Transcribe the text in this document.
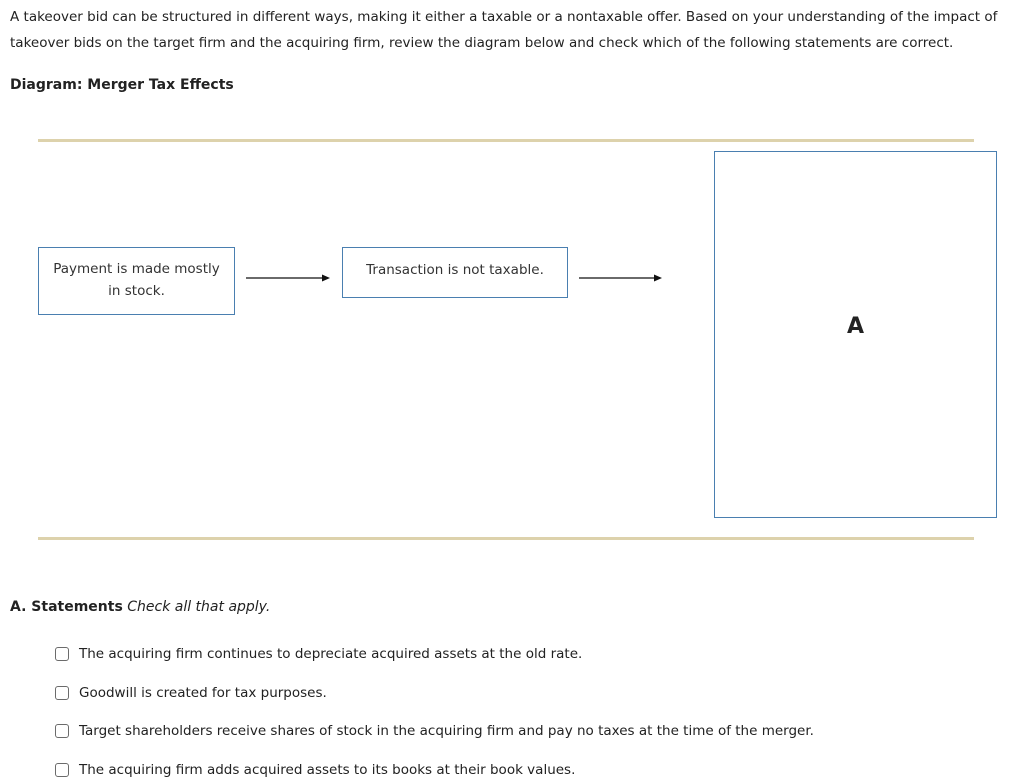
A takeover bid can be structured in different ways, making it either a taxable or a nontaxable offer. Based on your understanding of the impact of
takeover bids on the target firm and the acquiring firm, review the diagram below and check which of the following statements are correct.

Diagram: Merger Tax Effects

Payment is made mostly in stock.
Transaction is not taxable.
A

A. Statements Check all that apply.

The acquiring firm continues to depreciate acquired assets at the old rate.
Goodwill is created for tax purposes.
Target shareholders receive shares of stock in the acquiring firm and pay no taxes at the time of the merger.
The acquiring firm adds acquired assets to its books at their book values.
